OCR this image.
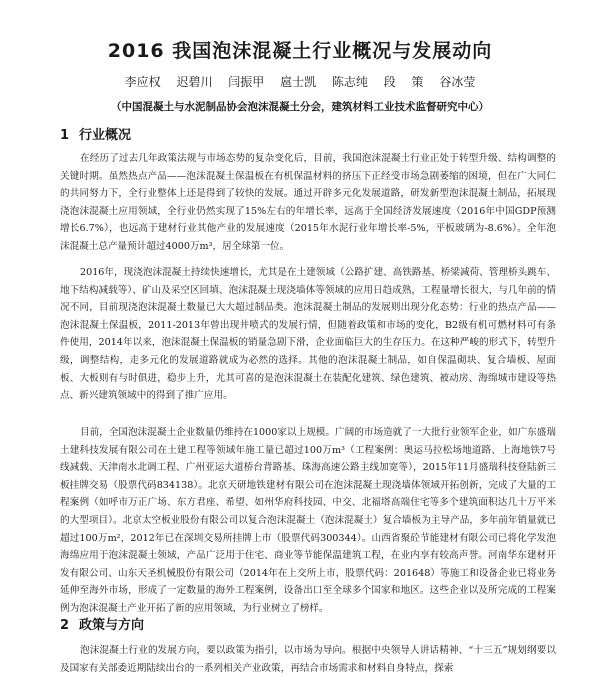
2016 我国泡沫混凝土行业概况与发展动向
李应权 迟碧川 闫振甲 扈士凯 陈志纯 段 策 谷冰莹
（中国混凝土与水泥制品协会泡沫混凝土分会，建筑材料工业技术监督研究中心）
1 行业概况

在经历了过去几年政策法规与市场态势的复杂变化后，目前，我国泡沫混凝土行业正处于转型升级、结构调整的关键时期。虽然热点产品——泡沫混凝土保温板在有机保温材料的挤压下正经受市场急剧萎缩的困境，但在广大同仁的共同努力下，全行业整体上还是得到了较快的发展。通过开辟多元化发展道路，研发新型泡沫混凝土制品，拓展现浇泡沫混凝土应用领域，全行业仍然实现了15%左右的年增长率，远高于全国经济发展速度（2016年中国GDP预测增长6.7%），也远高于建材行业其他产业的发展速度（2015年水泥行业年增长率-5%，平板玻璃为-8.6%）。全年泡沫混凝土总产量预计超过4000万m³，居全球第一位。

2016年，现浇泡沫混凝土持续快速增长，尤其是在土建领域（公路扩建、高铁路基、桥梁减荷、管理桥头跳车、地下结构减载等）、矿山及采空区回填、泡沫混凝土现浇墙体等领域的应用日趋成熟，工程量增长很大，与几年前的情况不同，目前现浇泡沫混凝土数量已大大超过制品类。泡沫混凝土制品的发展则出现分化态势：行业的热点产品——泡沫混凝土保温板，2011-2013年曾出现井喷式的发展行情，但随着政策和市场的变化，B2级有机可燃材料可有条件使用，2014年以来，泡沫混凝土保温板的销量急剧下滑，企业面临巨大的生存压力。在这种严峻的形式下，转型升级，调整结构，走多元化的发展道路就成为必然的选择。其他的泡沫混凝土制品，如自保温砌块、复合墙板、屋面板、大板则有与时俱进，稳步上升，尤其可喜的是泡沫混凝土在装配化建筑、绿色建筑、被动房、海绵城市建设等热点、新兴建筑领域中的得到了推广应用。

目前，全国泡沫混凝土企业数量仍维持在1000家以上规模。广阔的市场造就了一大批行业领军企业，如广东盛瑞土建科技发展有限公司在土建工程等领域年施工量已超过100万m³（工程案例：奥运马拉松场地道路、上海地铁7号线减载、天津南水北调工程、广州亚运大道桥台背路基、珠海高速公路主线加宽等），2015年11月盛瑞科技登陆新三板挂牌交易（股票代码834138）。北京天研地铁建材有限公司在泡沫混凝土现浇墙体领域开拓创新，完成了大量的工程案例（如呼市万正广场、东方君座、希望、如州华府科技园、中交、北福塔高端住宅等多个建筑面积达几十万平米的大型项目）。北京太空板业股份有限公司以复合泡沫混凝土（泡沫混凝土）复合墙板为主导产品，多年前年销量就已超过100万m²，2012年已在深圳交易所挂牌上市（股票代码300344）。山西省聚砼节能建材有限公司已将化学发泡海绵应用于泡沫混凝土领域，产品广泛用于住宅、商业等节能保温建筑工程，在业内享有较高声誉。河南华东建材开发有限公司、山东天圣机械股份有限公司（2014年在上交所上市，股票代码：201648）等施工和设备企业已将业务延伸至海外市场，形成了一定数量的海外工程案例，设备出口至全球多个国家和地区。这些企业以及所完成的工程案例为泡沫混凝土产业开拓了新的应用领域，为行业树立了榜样。

2 政策与方向

泡沫混凝土行业的发展方向，要以政策为指引，以市场为导向。根据中央领导人讲话精神、“十三五”规划纲要以及国家有关部委近期陆续出台的一系列相关产业政策，再结合市场需求和材料自身特点，探索
